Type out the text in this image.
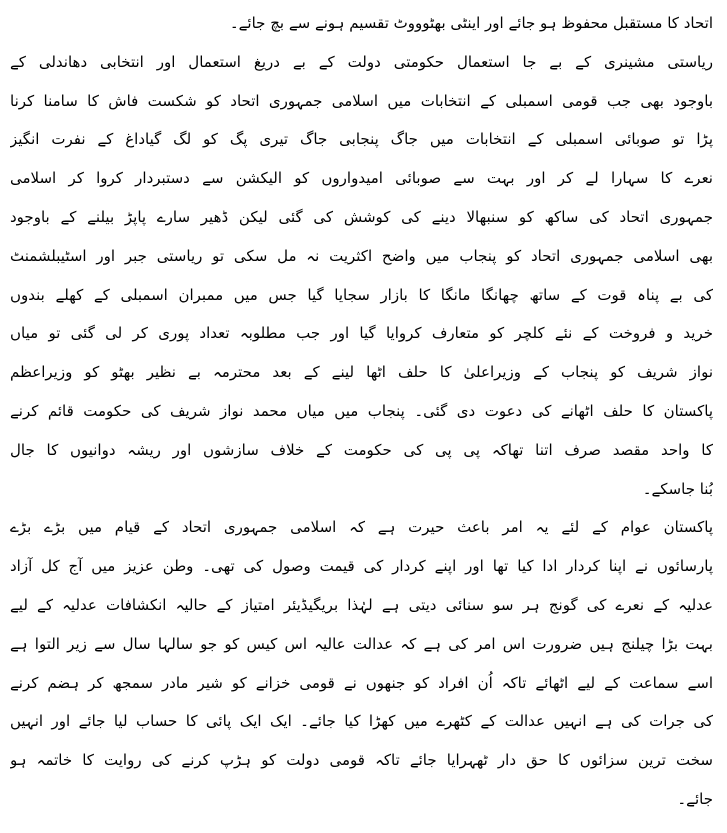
اتحاد کا مستقبل محفوظ ہو جائے اور اینٹی بھٹوووٹ تقسیم ہونے سے بچ جائے۔
ریاستی مشینری کے بے جا استعمال حکومتی دولت کے بے دریغ استعمال اور انتخابی دھاندلی کے
باوجود بھی جب قومی اسمبلی کے انتخابات میں اسلامی جمہوری اتحاد کو شکست فاش کا سامنا کرنا
پڑا تو صوبائی اسمبلی کے انتخابات میں جاگ پنجابی جاگ تیری پگ کو لگ گیاداغ کے نفرت انگیز
نعرے کا سہارا لے کر اور بہت سے صوبائی امیدواروں کو الیکشن سے دستبردار کروا کر اسلامی
جمہوری اتحاد کی ساکھ کو سنبھالا دینے کی کوشش کی گئی لیکن ڈھیر سارے پاپڑ بیلنے کے باوجود
بھی اسلامی جمہوری اتحاد کو پنجاب میں واضح اکثریت نہ مل سکی تو ریاستی جبر اور اسٹیبلشمنٹ
کی بے پناہ قوت کے ساتھ چھانگا مانگا کا بازار سجایا گیا جس میں ممبران اسمبلی کے کھلے بندوں
خرید و فروخت کے نئے کلچر کو متعارف کروایا گیا اور جب مطلوبہ تعداد پوری کر لی گئی تو میاں
نواز شریف کو پنجاب کے وزیراعلیٰ کا حلف اٹھا لینے کے بعد محترمہ بے نظیر بھٹو کو وزیراعظم
پاکستان کا حلف اٹھانے کی دعوت دی گئی۔ پنجاب میں میاں محمد نواز شریف کی حکومت قائم کرنے
کا واحد مقصد صرف اتنا تھاکہ پی پی کی حکومت کے خلاف سازشوں اور ریشہ دوانیوں کا جال
بُنا جاسکے۔
پاکستان عوام کے لئے یہ امر باعث حیرت ہے کہ اسلامی جمہوری اتحاد کے قیام میں بڑے بڑے
پارسائوں نے اپنا کردار ادا کیا تھا اور اپنے کردار کی قیمت وصول کی تھی۔ وطن عزیز میں آج کل آزاد
عدلیہ کے نعرے کی گونج ہر سو سنائی دیتی ہے لہٰذا بریگیڈیئر امتیاز کے حالیہ انکشافات عدلیہ کے لیے
بہت بڑا چیلنج ہیں ضرورت اس امر کی ہے کہ عدالت عالیہ اس کیس کو جو سالہا سال سے زیر التوا ہے
اسے سماعت کے لیے اٹھائے تاکہ اُن افراد کو جنھوں نے قومی خزانے کو شیر مادر سمجھ کر ہضم کرنے
کی جرات کی ہے انہیں عدالت کے کٹھرے میں کھڑا کیا جائے۔ ایک ایک پائی کا حساب لیا جائے اور انہیں
سخت ترین سزائوں کا حق دار ٹھہرایا جائے تاکہ قومی دولت کو ہڑپ کرنے کی روایت کا خاتمہ ہو
جائے۔
